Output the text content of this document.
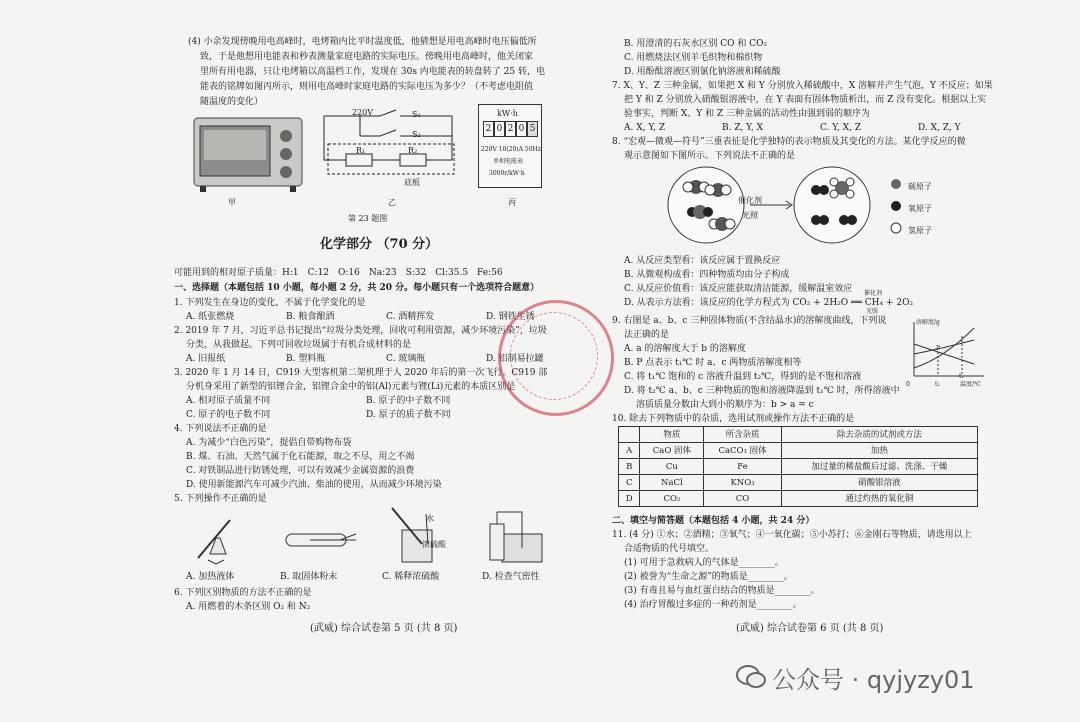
(4) 小余发现傍晚用电高峰时，电烤箱内比平时温度低，他猜想是用电高峰时电压偏低所
致，于是他想用电能表和秒表测量家庭电路的实际电压。傍晚用电高峰时，他关闭家
里所有用电器，只让电烤箱以高温档工作，发现在 30s 内电能表的转盘转了 25 转，电
能表的铭牌如图丙所示，则用电高峰时家庭电路的实际电压为多少？（不考虑电阻值
随温度的变化）
220V	S₁
S₂
R₁	R₂
底板
kW·h
2 0 2 0 5
220V 10(20)A 50Hz
单相电能表
3000r/kW·h
甲	乙	丙
第 23 题图
化学部分 （70 分）
可能用到的相对原子质量：H:1　C:12　O:16　Na:23　S:32　Cl:35.5　Fe:56
一、选择题（本题包括 10 小题，每小题 2 分，共 20 分。每小题只有一个选项符合题意）
1. 下列发生在身边的变化，不属于化学变化的是
A. 纸张燃烧	B. 粮食酿酒	C. 酒精挥发	D. 钢铁生锈
2. 2019 年 7 月，习近平总书记提出“垃圾分类处理，回收可利用资源，减少环境污染”，垃圾
分类，从我做起。下列可回收垃圾属于有机合成材料的是
A. 旧报纸	B. 塑料瓶	C. 玻璃瓶	D. 铝制易拉罐
3. 2020 年 1 月 14 日，C919 大型客机第二架机理于人 2020 年后的第一次飞行。C919 部
分机身采用了新型的铝锂合金，铝锂合金中的铝(Al)元素与锂(Li)元素的本质区别是
A. 相对原子质量不同	B. 原子的中子数不同
C. 原子的电子数不同	D. 原子的质子数不同
4. 下列说法不正确的是
A. 为减少“白色污染”，提倡自带购物布袋
B. 煤、石油、天然气属于化石能源，取之不尽，用之不竭
C. 对铁制品进行防锈处理，可以有效减少金属资源的浪费
D. 使用新能源汽车可减少汽油、柴油的使用，从而减少环境污染
5. 下列操作不正确的是
水
浓硫酸
A. 加热液体	B. 取固体粉末	C. 稀释浓硫酸	D. 检查气密性
6. 下列区别物质的方法不正确的是
A. 用燃着的木条区别 O₂ 和 N₂
(武威) 综合试卷第 5 页 (共 8 页)
B. 用澄清的石灰水区别 CO 和 CO₂
C. 用燃烧法区别羊毛织物和棉织物
D. 用酚酞溶液区别氯化钠溶液和稀硫酸
7. X、Y、Z 三种金属，如果把 X 和 Y 分别放入稀硫酸中，X 溶解并产生气泡，Y 不反应；如果
把 Y 和 Z 分别放入硝酸银溶液中，在 Y 表面有固体物质析出，而 Z 没有变化。根据以上实
验事实，判断 X、Y 和 Z 三种金属的活动性由强到弱的顺序为
A. X, Y, Z	B. Z, Y, X	C. Y, X, Z	D. X, Z, Y
8. “宏观—微观—符号”三重表征是化学独特的表示物质及其变化的方法。某化学反应的微
观示意图如下图所示。下列说法不正确的是
催化剂
光照
碳原子
氧原子
氢原子
A. 从反应类型看：该反应属于置换反应
B. 从微观构成看：四种物质均由分子构成
C. 从反应价值看：该反应能获取清洁能源，缓解温室效应
D. 从表示方法看：该反应的化学方程式为 CO₂ + 2H₂O ══ CH₄ + 2O₂
催化剂
光照
9. 右图是 a、b、c 三种固体物质(不含结晶水)的溶解度曲线，下列说
法正确的是
A. a 的溶解度大于 b 的溶解度
B. P 点表示 t₁℃ 时 a、c 两物质溶解度相等
C. 将 t₁℃ 饱和的 c 溶液升温到 t₂℃，得到的是不饱和溶液
D. 将 t₂℃ a、b、c 三种物质的饱和溶液降温到 t₁℃ 时，所得溶液中
溶质质量分数由大到小的顺序为：b > a = c
溶解度/g
温度/℃
0	t₁
t₂
P
10. 除去下列物质中的杂质，选用试剂或操作方法不正确的是
	物质	所含杂质	除去杂质的试剂或方法
A	CaO 固体	CaCO₃ 固体	加热
B	Cu	Fe	加过量的稀盐酸后过滤、洗涤、干燥
C	NaCl	KNO₃	硝酸银溶液
D	CO₂	CO	通过灼热的氧化铜
二、填空与简答题（本题包括 4 小题，共 24 分）
11. (4 分) ①水；②酒精；③氧气；④一氧化碳；⑤小苏打；⑥金刚石等物质，请选用以上
合适物质的代号填空。
(1) 可用于急救病人的气体是________。
(2) 被誉为“生命之源”的物质是________。
(3) 有毒且易与血红蛋白结合的物质是________。
(4) 治疗胃酸过多症的一种药剂是________。
(武威) 综合试卷第 6 页 (共 8 页)
公众号 · qyjyzy01
